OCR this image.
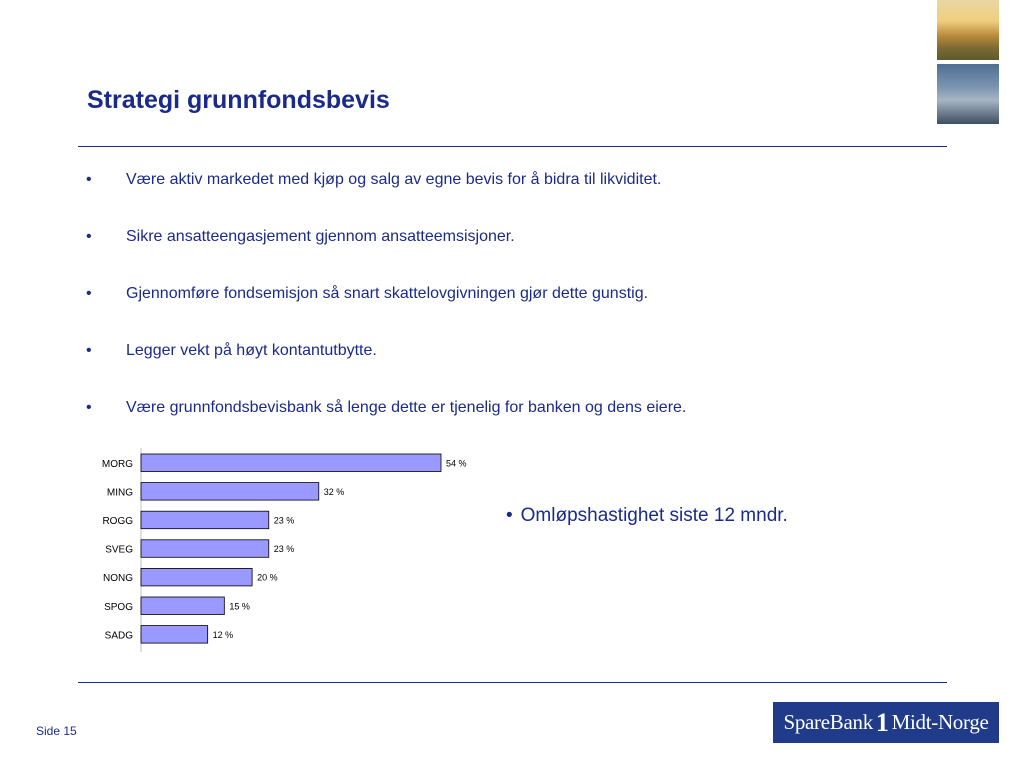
Strategi grunnfondsbevis
• Være aktiv markedet med kjøp og salg av egne bevis for å bidra til likviditet.
• Sikre ansatteengasjement gjennom ansatteemsisjoner.
• Gjennomføre fondsemisjon så snart skattelovgivningen gjør dette gunstig.
• Legger vekt på høyt kontantutbytte.
• Være grunnfondsbevisbank så lenge dette er tjenelig for banken og dens eiere.
MORG	54 %
MING	32 %
ROGG	23 %
SVEG	23 %
NONG	20 %
SPOG	15 %
SADG	12 %
• Omløpshastighet siste 12 mndr.
Side 15	SpareBank 1 Midt-Norge
